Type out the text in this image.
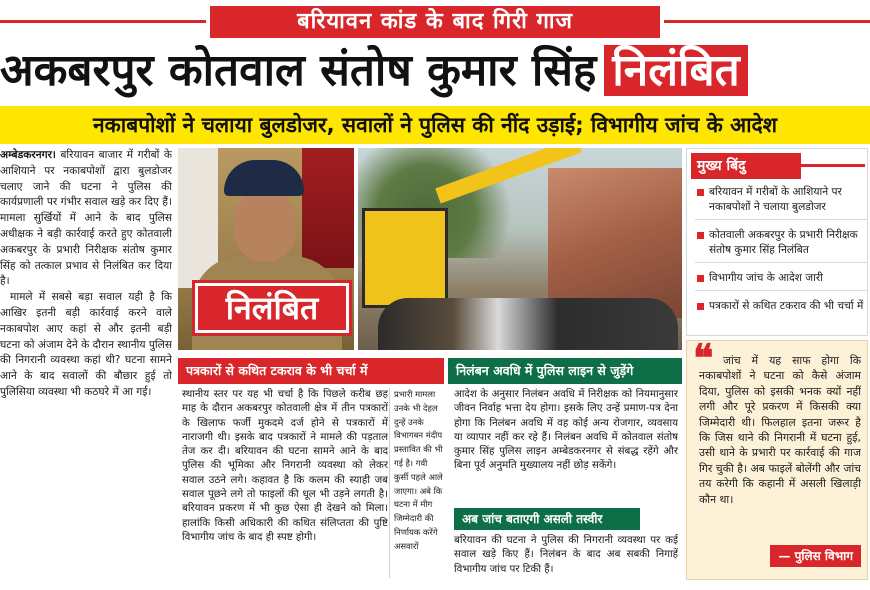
बरियावन कांड के बाद गिरी गाज
अकबरपुर कोतवाल संतोष कुमार सिंह निलंबित
नकाबपोशों ने चलाया बुलडोजर, सवालों ने पुलिस की नींद उड़ाई; विभागीय जांच के आदेश

अम्बेडकरनगर। बरियावन बाजार में गरीबों के आशियाने पर नकाबपोशों द्वारा बुलडोजर चलाए जाने की घटना ने पुलिस की कार्यप्रणाली पर गंभीर सवाल खड़े कर दिए हैं। मामला सुर्खियों में आने के बाद पुलिस अधीक्षक ने बड़ी कार्रवाई करते हुए कोतवाली अकबरपुर के प्रभारी निरीक्षक संतोष कुमार सिंह को तत्काल प्रभाव से निलंबित कर दिया है।

मामले में सबसे बड़ा सवाल यही है कि आखिर इतनी बड़ी कार्रवाई करने वाले नकाबपोश आए कहां से और इतनी बड़ी घटना को अंजाम देने के दौरान स्थानीय पुलिस की निगरानी व्यवस्था कहां थी? घटना सामने आने के बाद सवालों की बौछार हुई तो पुलिसिया व्यवस्था भी कठघरे में आ गई।

निलंबित
मुख्य बिंदु
बरियावन में गरीबों के आशियाने पर नकाबपोशों ने चलाया बुलडोजर
कोतवाली अकबरपुर के प्रभारी निरीक्षक संतोष कुमार सिंह निलंबित
विभागीय जांच के आदेश जारी
पत्रकारों से कथित टकराव की भी चर्चा में
पत्रकारों से कथित टकराव के भी चर्चा में
स्थानीय स्तर पर यह भी चर्चा है कि पिछले करीब छह माह के दौरान अकबरपुर कोतवाली क्षेत्र में तीन पत्रकारों के खिलाफ फर्जी मुकदमे दर्ज होने से पत्रकारों में नाराजगी थी। इसके बाद पत्रकारों ने मामले की पड़ताल तेज कर दी। बरियावन की घटना सामने आने के बाद पुलिस की भूमिका और निगरानी व्यवस्था को लेकर सवाल उठने लगे। कहावत है कि कलम की स्याही जब सवाल पूछने लगे तो फाइलों की धूल भी उड़ने लगती है। बरियावन प्रकरण में भी कुछ ऐसा ही देखने को मिला। हालांकि किसी अधिकारी की कथित संलिप्तता की पुष्टि विभागीय जांच के बाद ही स्पष्ट होगी।
प्रभारी मामला उनके भी देहल दुन्हें उनके विभागबन मंदीप प्रस्तावित की भी गई है। गवी कुर्सी पहले आले जाएगा। अबे कि घटना में मीग जिम्मेदारी की निर्णायक करेंगे असवारों
निलंबन अवधि में पुलिस लाइन से जुड़ेंगे
आदेश के अनुसार निलंबन अवधि में निरीक्षक को नियमानुसार जीवन निर्वाह भत्ता देय होगा। इसके लिए उन्हें प्रमाण-पत्र देना होगा कि निलंबन अवधि में वह कोई अन्य रोजगार, व्यवसाय या व्यापार नहीं कर रहे हैं। निलंबन अवधि में कोतवाल संतोष कुमार सिंह पुलिस लाइन अम्बेडकरनगर से संबद्ध रहेंगे और बिना पूर्व अनुमति मुख्यालय नहीं छोड़ सकेंगे।
अब जांच बताएगी असली तस्वीर
बरियावन की घटना ने पुलिस की निगरानी व्यवस्था पर कई सवाल खड़े किए हैं। निलंबन के बाद अब सबकी निगाहें विभागीय जांच पर टिकी हैं।
❝ जांच में यह साफ होगा कि नकाबपोशों ने घटना को कैसे अंजाम दिया, पुलिस को इसकी भनक क्यों नहीं लगी और पूरे प्रकरण में किसकी क्या जिम्मेदारी थी। फिलहाल इतना जरूर है कि जिस थाने की निगरानी में घटना हुई, उसी थाने के प्रभारी पर कार्रवाई की गाज गिर चुकी है। अब फाइलें बोलेंगी और जांच तय करेगी कि कहानी में असली खिलाड़ी कौन था।
— पुलिस विभाग
